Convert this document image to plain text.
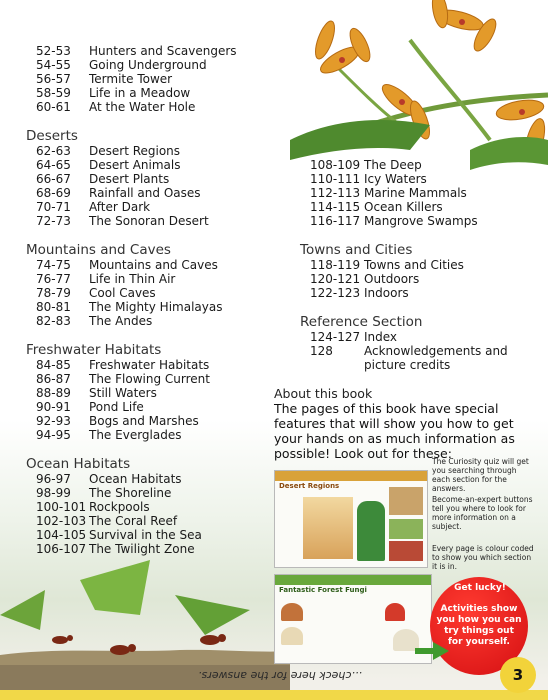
52-53 Hunters and Scavengers
54-55 Going Underground
56-57 Termite Tower
58-59 Life in a Meadow
60-61 At the Water Hole
Deserts
62-63 Desert Regions
64-65 Desert Animals
66-67 Desert Plants
68-69 Rainfall and Oases
70-71 After Dark
72-73 The Sonoran Desert
Mountains and Caves
74-75 Mountains and Caves
76-77 Life in Thin Air
78-79 Cool Caves
80-81 The Mighty Himalayas
82-83 The Andes
Freshwater Habitats
84-85 Freshwater Habitats
86-87 The Flowing Current
88-89 Still Waters
90-91 Pond Life
92-93 Bogs and Marshes
94-95 The Everglades
Ocean Habitats
96-97 Ocean Habitats
98-99 The Shoreline
100-101 Rockpools
102-103 The Coral Reef
104-105 Survival in the Sea
106-107 The Twilight Zone
108-109 The Deep
110-111 Icy Waters
112-113 Marine Mammals
114-115 Ocean Killers
116-117 Mangrove Swamps
Towns and Cities
118-119 Towns and Cities
120-121 Outdoors
122-123 Indoors
Reference Section
124-127 Index
128	Acknowledgements and
picture credits
About this book
The pages of this book have special features that will show you how to get your hands on as much information as possible! Look out for these:
Desert Regions
Fantastic Forest Fungi
The Curiosity quiz will get you searching through each section for the answers.
Become-an-expert buttons tell you where to look for more information on a subject.
Every page is colour coded to show you which section it is in.
Get lucky!
Activities show you how you can try things out for yourself.
...check here for the answers.	3
